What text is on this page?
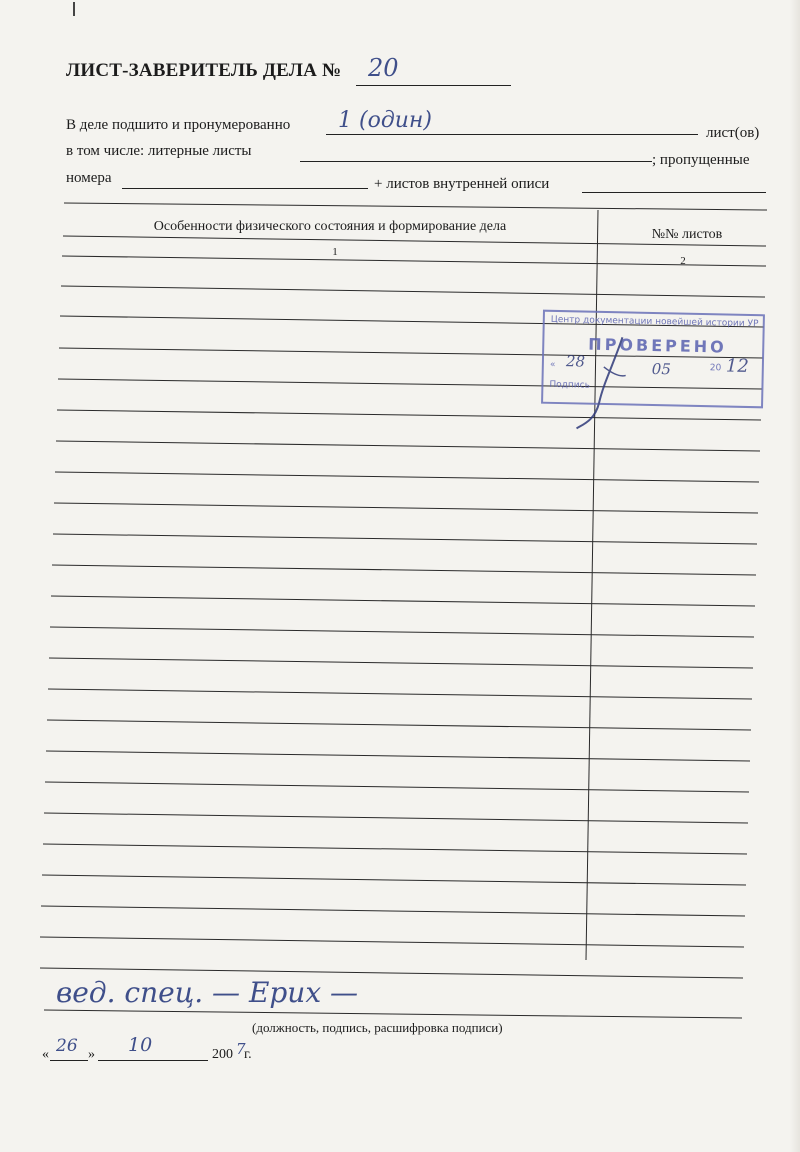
ЛИСТ-ЗАВЕРИТЕЛЬ ДЕЛА № 20
В деле подшито и пронумерованно 1 (один)	лист(ов)
в том числе: литерные листы
; пропущенные
номера	+ листов внутренней описи
Особенности физического состояния и формирование дела
№№ листов
1
2
Центр документации новейшей истории УР
ПРОВЕРЕНО
« 28	05	20 12
Подпись
вед. спец. — Ериx —
(должность, подпись, расшифровка подписи)
« 26 » 10	200 7
г.
